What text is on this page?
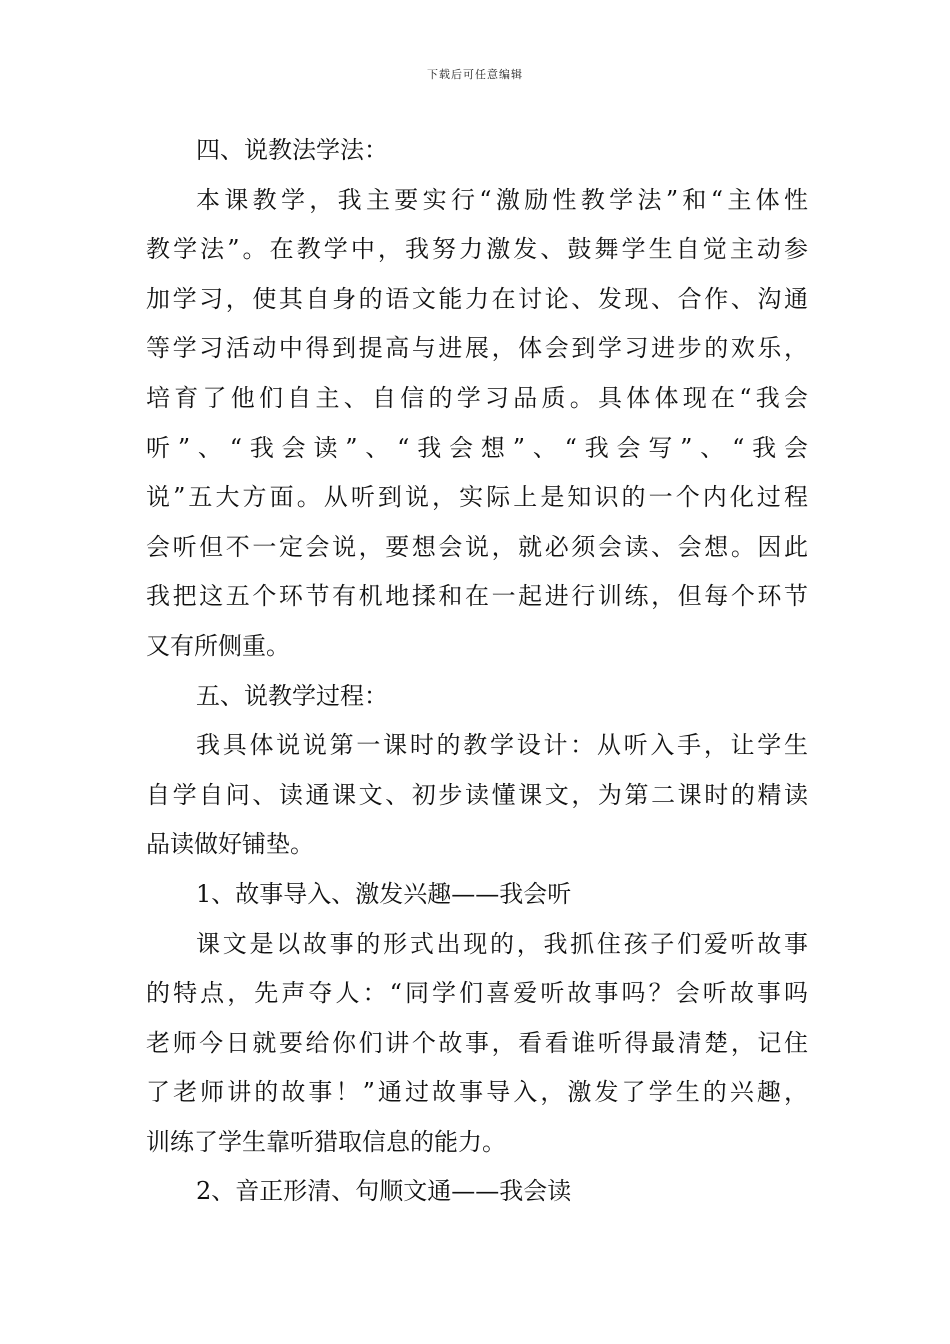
下载后可任意编辑
四、说教法学法：
本课教学，我主要实行“激励性教学法”和“主体性
教学法”。在教学中，我努力激发、鼓舞学生自觉主动参
加学习，使其自身的语文能力在讨论、发现、合作、沟通
等学习活动中得到提高与进展，体会到学习进步的欢乐，
培育了他们自主、自信的学习品质。具体体现在“我会
听”、“我会读”、“我会想”、“我会写”、“我会
说”五大方面。从听到说，实际上是知识的一个内化过程
会听但不一定会说，要想会说，就必须会读、会想。因此
我把这五个环节有机地揉和在一起进行训练，但每个环节
又有所侧重。
五、说教学过程：
我具体说说第一课时的教学设计：从听入手，让学生
自学自问、读通课文、初步读懂课文，为第二课时的精读
品读做好铺垫。
1、故事导入、激发兴趣——我会听
课文是以故事的形式出现的，我抓住孩子们爱听故事
的特点，先声夺人：“同学们喜爱听故事吗？会听故事吗
老师今日就要给你们讲个故事，看看谁听得最清楚，记住
了老师讲的故事！”通过故事导入，激发了学生的兴趣，
训练了学生靠听猎取信息的能力。
2、音正形清、句顺文通——我会读
